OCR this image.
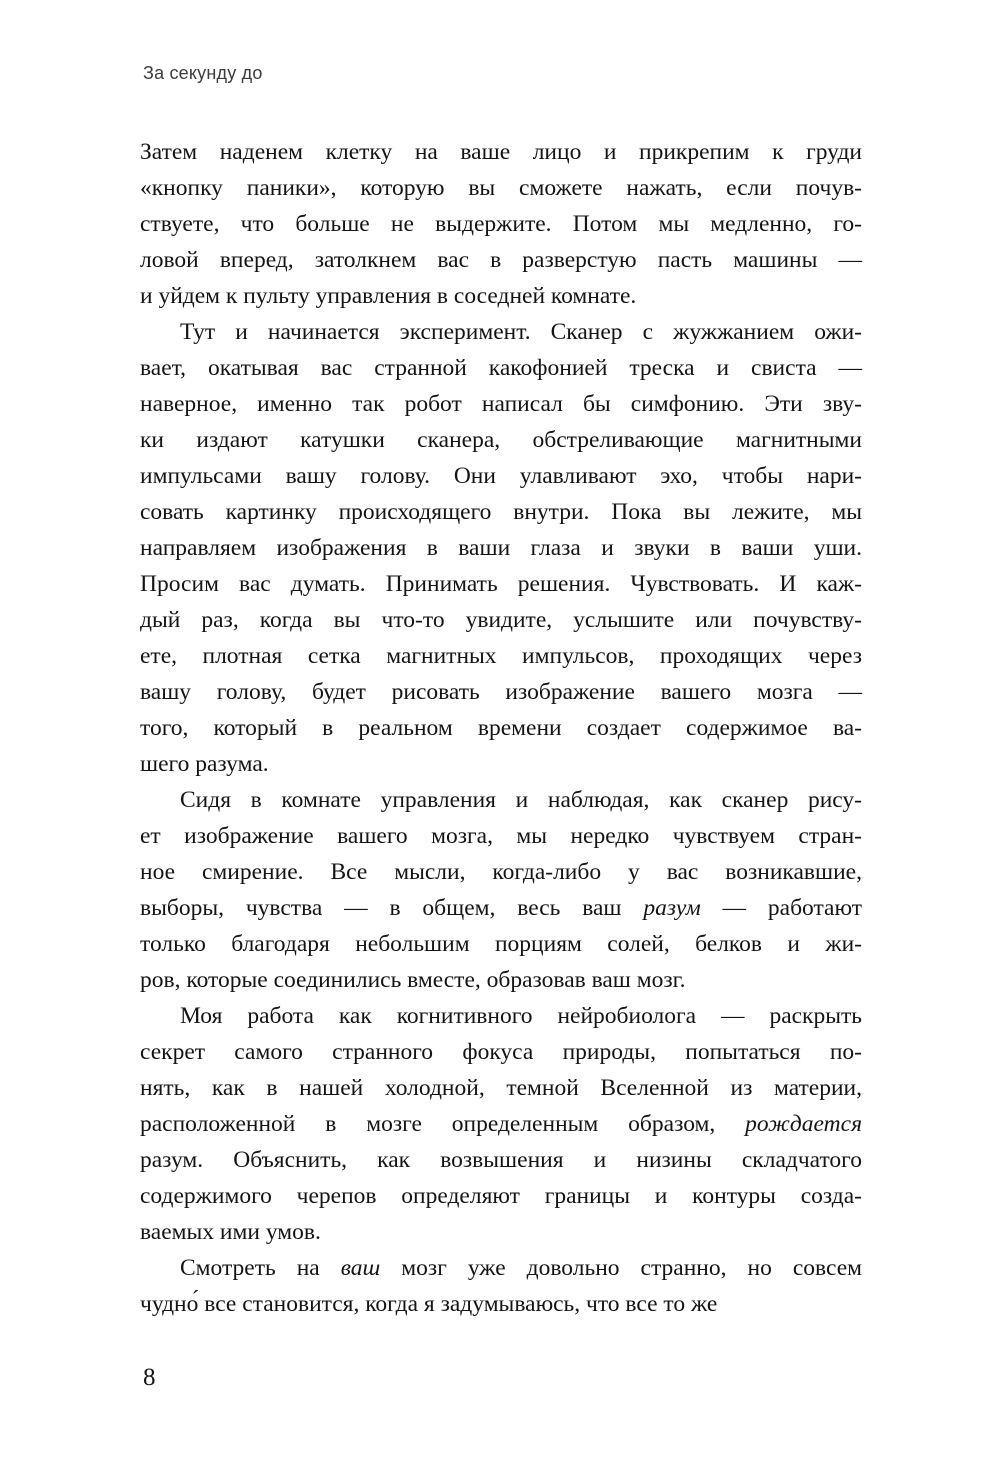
За секунду до
Затем наденем клетку на ваше лицо и прикрепим к груди
«кнопку паники», которую вы сможете нажать, если почув-
ствуете, что больше не выдержите. Потом мы медленно, го-
ловой вперед, затолкнем вас в разверстую пасть машины —
и уйдем к пульту управления в соседней комнате.
Тут и начинается эксперимент. Сканер с жужжанием ожи-
вает, окатывая вас странной какофонией треска и свиста —
наверное, именно так робот написал бы симфонию. Эти зву-
ки издают катушки сканера, обстреливающие магнитными
импульсами вашу голову. Они улавливают эхо, чтобы нари-
совать картинку происходящего внутри. Пока вы лежите, мы
направляем изображения в ваши глаза и звуки в ваши уши.
Просим вас думать. Принимать решения. Чувствовать. И каж-
дый раз, когда вы что-то увидите, услышите или почувству-
ете, плотная сетка магнитных импульсов, проходящих через
вашу голову, будет рисовать изображение вашего мозга —
того, который в реальном времени создает содержимое ва-
шего разума.
Сидя в комнате управления и наблюдая, как сканер рису-
ет изображение вашего мозга, мы нередко чувствуем стран-
ное смирение. Все мысли, когда-либо у вас возникавшие,
выборы, чувства — в общем, весь ваш разум — работают
только благодаря небольшим порциям солей, белков и жи-
ров, которые соединились вместе, образовав ваш мозг.
Моя работа как когнитивного нейробиолога — раскрыть
секрет самого странного фокуса природы, попытаться по-
нять, как в нашей холодной, темной Вселенной из материи,
расположенной в мозге определенным образом, рождается
разум. Объяснить, как возвышения и низины складчатого
содержимого черепов определяют границы и контуры созда-
ваемых ими умов.
Смотреть на ваш мозг уже довольно странно, но совсем
чудно́ все становится, когда я задумываюсь, что все то же
8
